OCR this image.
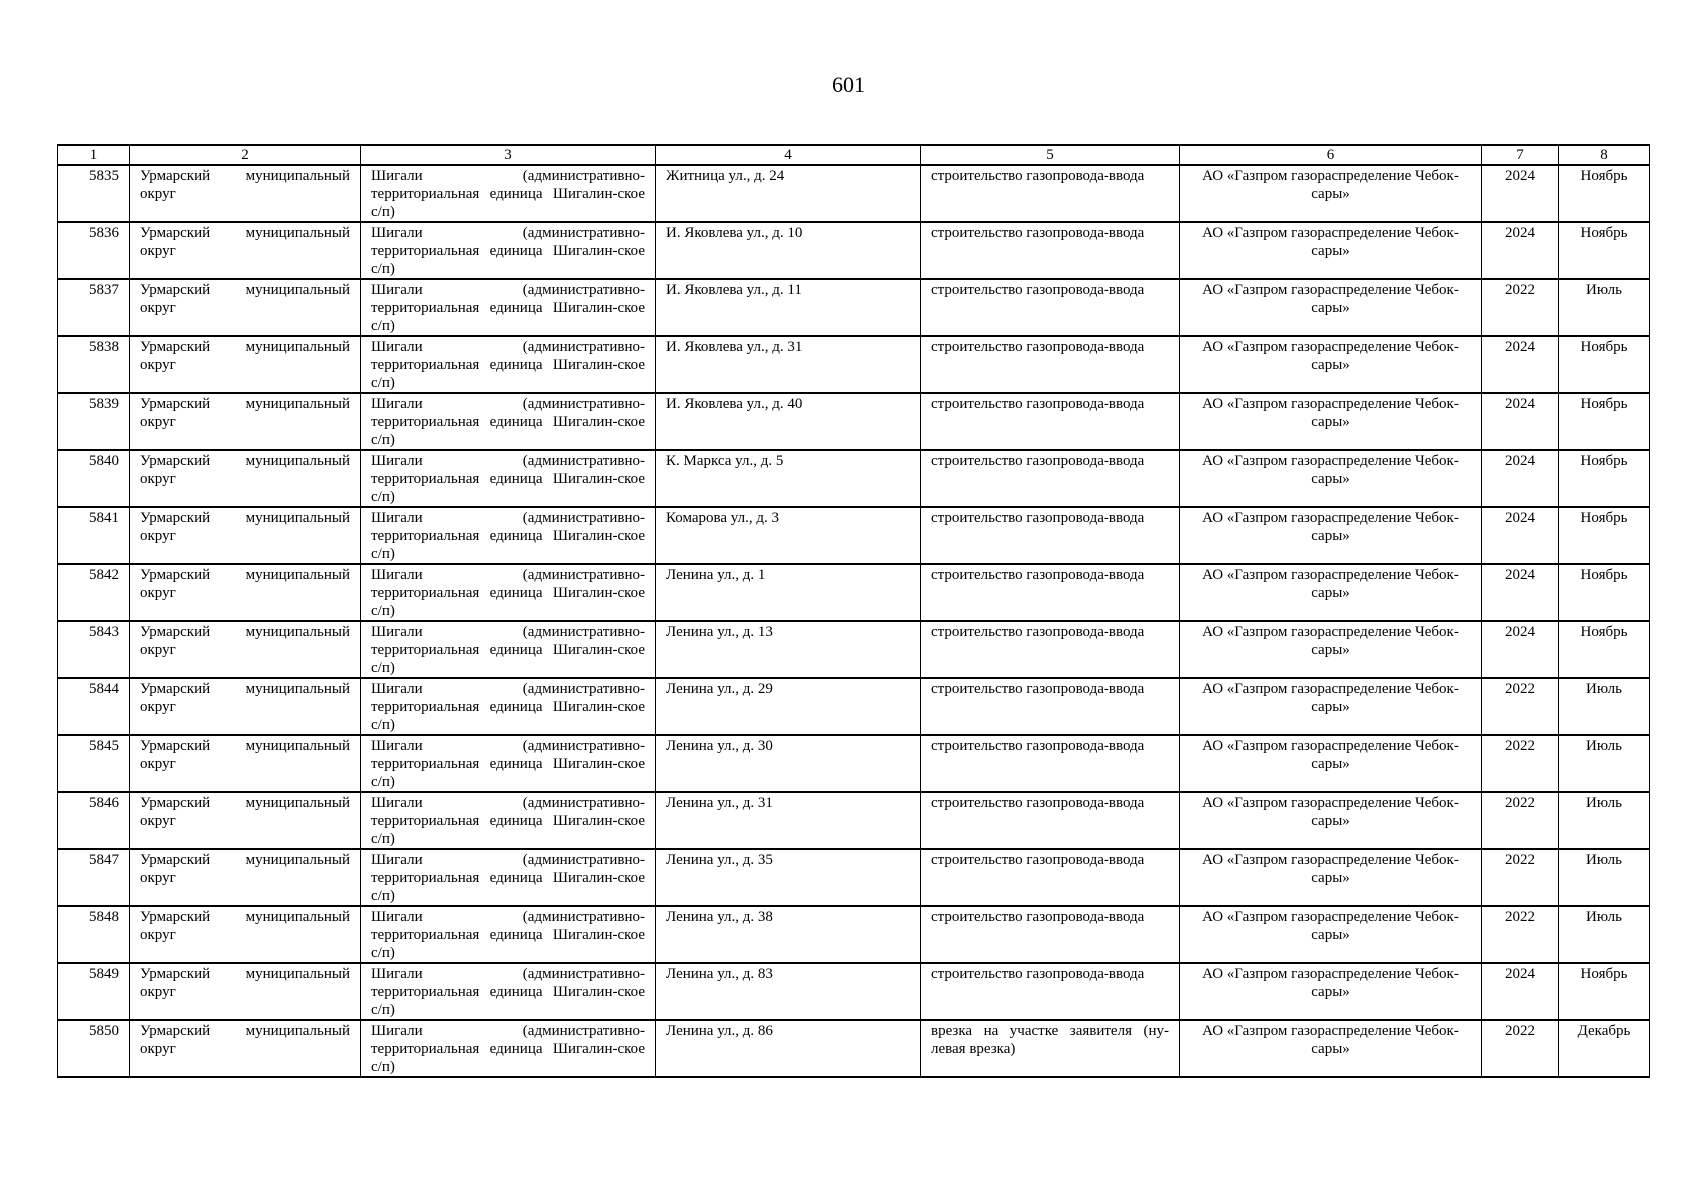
601
1	2	3	4	5	6	7	8
5835	Урмарский муниципальный округ	Шигали (административно-территориальная единица Шигалин-ское с/п)	Житница ул., д. 24	строительство газопровода-ввода	АО «Газпром газораспределение Чебок-сары»	2024	Ноябрь
5836	Урмарский муниципальный округ	Шигали (административно-территориальная единица Шигалин-ское с/п)	И. Яковлева ул., д. 10	строительство газопровода-ввода	АО «Газпром газораспределение Чебок-сары»	2024	Ноябрь
5837	Урмарский муниципальный округ	Шигали (административно-территориальная единица Шигалин-ское с/п)	И. Яковлева ул., д. 11	строительство газопровода-ввода	АО «Газпром газораспределение Чебок-сары»	2022	Июль
5838	Урмарский муниципальный округ	Шигали (административно-территориальная единица Шигалин-ское с/п)	И. Яковлева ул., д. 31	строительство газопровода-ввода	АО «Газпром газораспределение Чебок-сары»	2024	Ноябрь
5839	Урмарский муниципальный округ	Шигали (административно-территориальная единица Шигалин-ское с/п)	И. Яковлева ул., д. 40	строительство газопровода-ввода	АО «Газпром газораспределение Чебок-сары»	2024	Ноябрь
5840	Урмарский муниципальный округ	Шигали (административно-территориальная единица Шигалин-ское с/п)	К. Маркса ул., д. 5	строительство газопровода-ввода	АО «Газпром газораспределение Чебок-сары»	2024	Ноябрь
5841	Урмарский муниципальный округ	Шигали (административно-территориальная единица Шигалин-ское с/п)	Комарова ул., д. 3	строительство газопровода-ввода	АО «Газпром газораспределение Чебок-сары»	2024	Ноябрь
5842	Урмарский муниципальный округ	Шигали (административно-территориальная единица Шигалин-ское с/п)	Ленина ул., д. 1	строительство газопровода-ввода	АО «Газпром газораспределение Чебок-сары»	2024	Ноябрь
5843	Урмарский муниципальный округ	Шигали (административно-территориальная единица Шигалин-ское с/п)	Ленина ул., д. 13	строительство газопровода-ввода	АО «Газпром газораспределение Чебок-сары»	2024	Ноябрь
5844	Урмарский муниципальный округ	Шигали (административно-территориальная единица Шигалин-ское с/п)	Ленина ул., д. 29	строительство газопровода-ввода	АО «Газпром газораспределение Чебок-сары»	2022	Июль
5845	Урмарский муниципальный округ	Шигали (административно-территориальная единица Шигалин-ское с/п)	Ленина ул., д. 30	строительство газопровода-ввода	АО «Газпром газораспределение Чебок-сары»	2022	Июль
5846	Урмарский муниципальный округ	Шигали (административно-территориальная единица Шигалин-ское с/п)	Ленина ул., д. 31	строительство газопровода-ввода	АО «Газпром газораспределение Чебок-сары»	2022	Июль
5847	Урмарский муниципальный округ	Шигали (административно-территориальная единица Шигалин-ское с/п)	Ленина ул., д. 35	строительство газопровода-ввода	АО «Газпром газораспределение Чебок-сары»	2022	Июль
5848	Урмарский муниципальный округ	Шигали (административно-территориальная единица Шигалин-ское с/п)	Ленина ул., д. 38	строительство газопровода-ввода	АО «Газпром газораспределение Чебок-сары»	2022	Июль
5849	Урмарский муниципальный округ	Шигали (административно-территориальная единица Шигалин-ское с/п)	Ленина ул., д. 83	строительство газопровода-ввода	АО «Газпром газораспределение Чебок-сары»	2024	Ноябрь
5850	Урмарский муниципальный округ	Шигали (административно-территориальная единица Шигалин-ское с/п)	Ленина ул., д. 86	врезка на участке заявителя (ну-левая врезка)	АО «Газпром газораспределение Чебок-сары»	2022	Декабрь
